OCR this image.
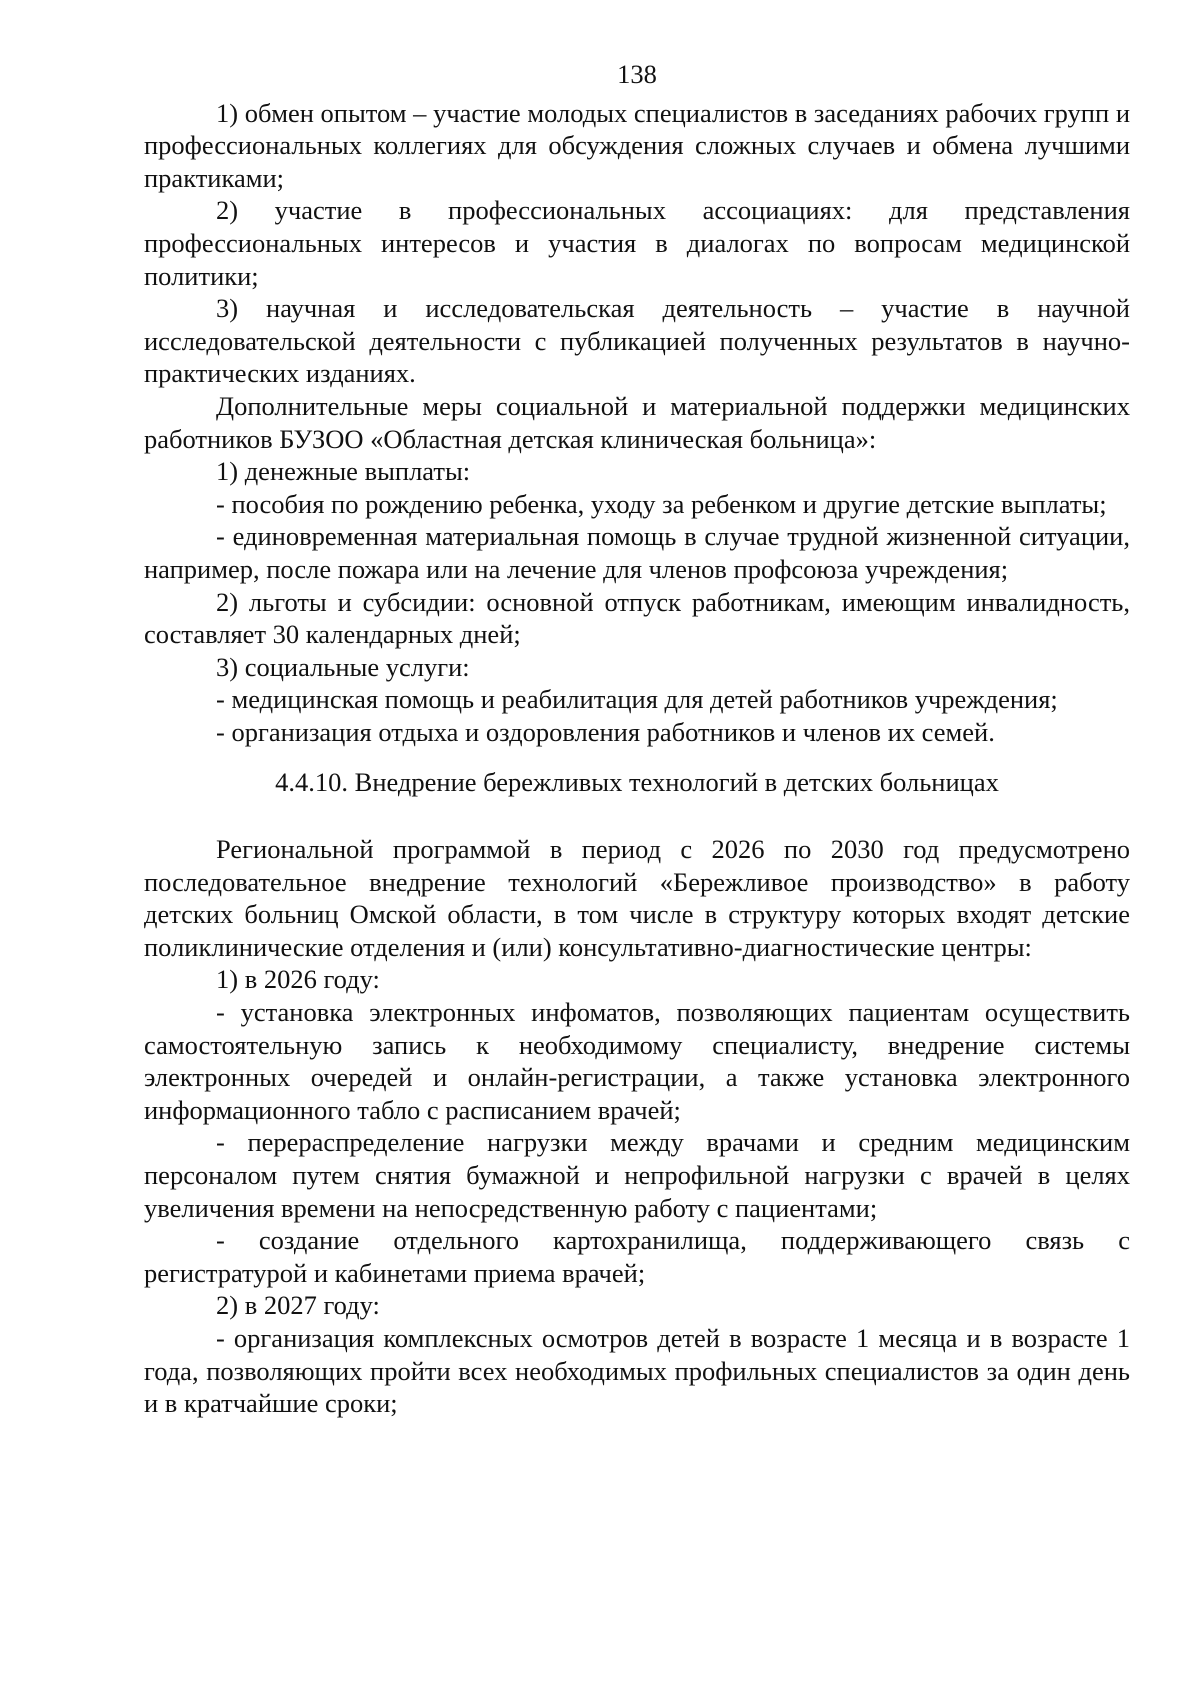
138

1) обмен опытом – участие молодых специалистов в заседаниях рабочих групп и профессиональных коллегиях для обсуждения сложных случаев и обмена лучшими практиками;

2) участие в профессиональных ассоциациях: для представления профессиональных интересов и участия в диалогах по вопросам медицинской политики;

3) научная и исследовательская деятельность – участие в научной исследовательской деятельности с публикацией полученных результатов в научно-практических изданиях.

Дополнительные меры социальной и материальной поддержки медицинских работников БУЗОО «Областная детская клиническая больница»:

1) денежные выплаты:

- пособия по рождению ребенка, уходу за ребенком и другие детские выплаты;

- единовременная материальная помощь в случае трудной жизненной ситуации, например, после пожара или на лечение для членов профсоюза учреждения;

2) льготы и субсидии: основной отпуск работникам, имеющим инвалидность, составляет 30 календарных дней;

3) социальные услуги:

- медицинская помощь и реабилитация для детей работников учреждения;

- организация отдыха и оздоровления работников и членов их семей.

4.4.10. Внедрение бережливых технологий в детских больницах

Региональной программой в период с 2026 по 2030 год предусмотрено последовательное внедрение технологий «Бережливое производство» в работу детских больниц Омской области, в том числе в структуру которых входят детские поликлинические отделения и (или) консультативно-диагностические центры:

1) в 2026 году:

- установка электронных инфоматов, позволяющих пациентам осуществить самостоятельную запись к необходимому специалисту, внедрение системы электронных очередей и онлайн-регистрации, а также установка электронного информационного табло с расписанием врачей;

- перераспределение нагрузки между врачами и средним медицинским персоналом путем снятия бумажной и непрофильной нагрузки с врачей в целях увеличения времени на непосредственную работу с пациентами;

- создание отдельного картохранилища, поддерживающего связь с регистратурой и кабинетами приема врачей;

2) в 2027 году:

- организация комплексных осмотров детей в возрасте 1 месяца и в возрасте 1 года, позволяющих пройти всех необходимых профильных специалистов за один день и в кратчайшие сроки;
